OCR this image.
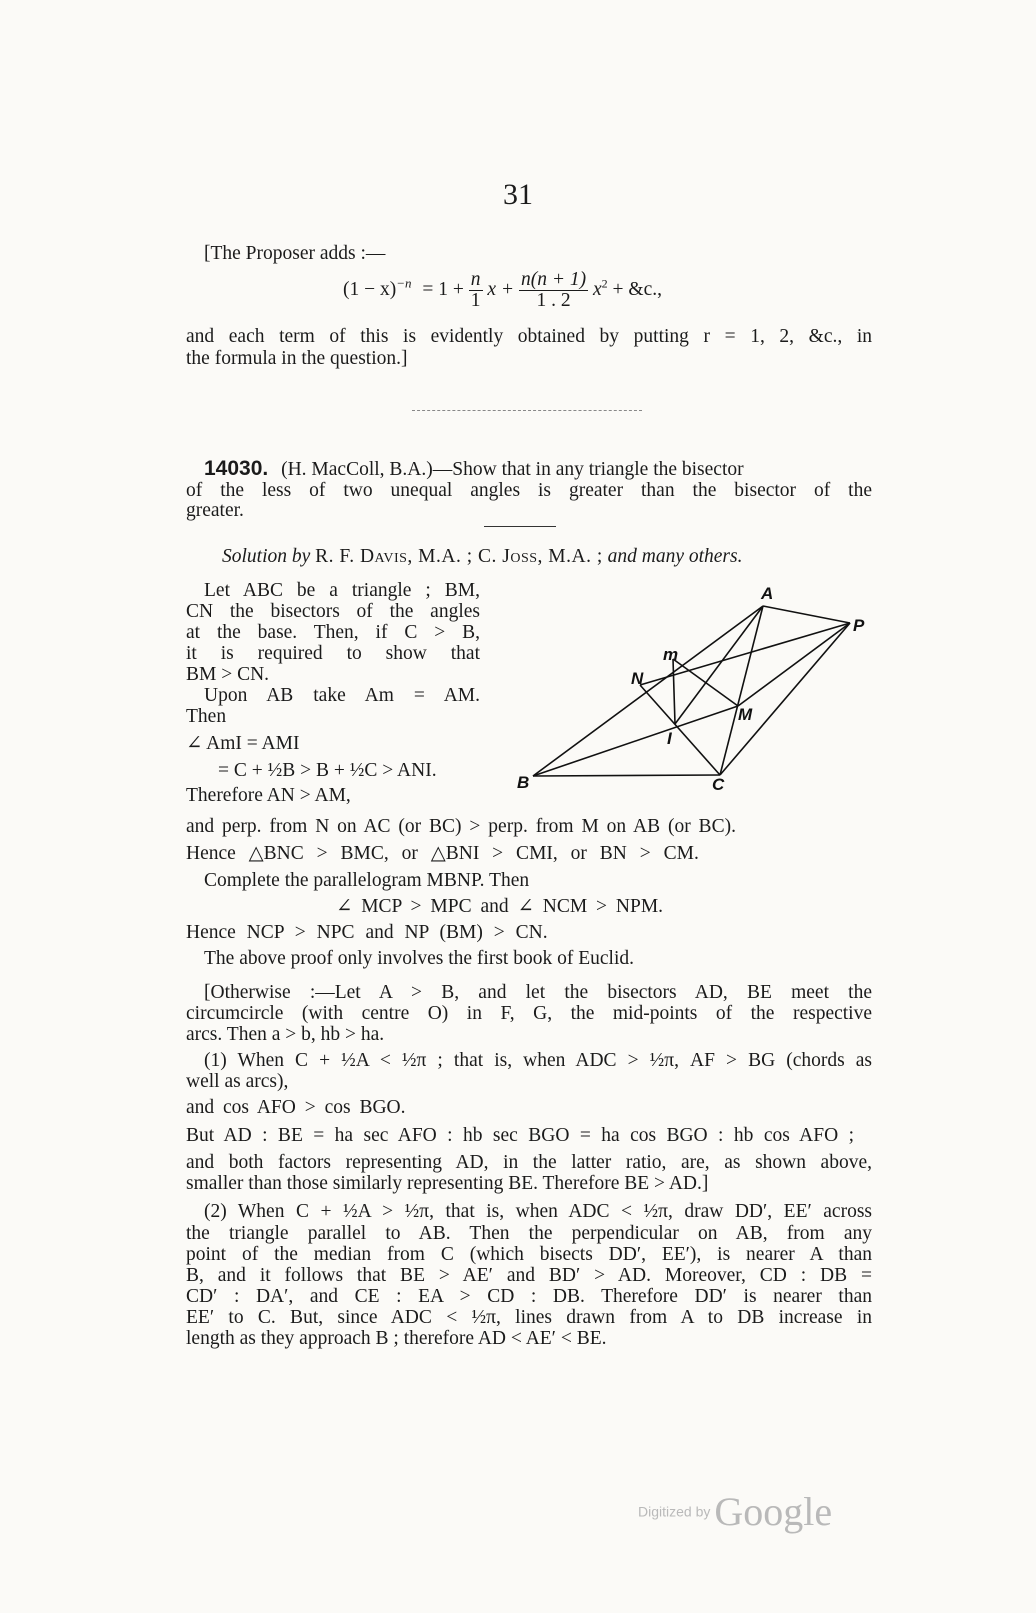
31
[The Proposer adds :—
$(1 - x)^{-n} = 1 + \frac{n}{1}$ $x + \frac{n(n + 1)}{1 . 2} x^2$ + &c.,
and each term of this is evidently obtained by putting r = 1, 2, &c., in
the formula in the question.]
14030. (H. MacColl, B.A.)—Show that in any triangle the bisector
of the less of two unequal angles is greater than the bisector of the
greater.
Solution by R. F. Davis, M.A. ; C. Joss, M.A. ; and many others.
Let ABC be a triangle ; BM,
CN the bisectors of the angles
at the base. Then, if C > B,
it is required to show that
BM > CN.
Upon AB take Am = AM.
Then
∠ AmI = AMI
= C + ½B > B + ½C > ANI.
Therefore AN > AM,
A
P
m
N
M
I
B	C
and perp. from N on AC (or BC) > perp. from M on AB (or BC).
Hence △BNC > BMC, or △BNI > CMI, or BN > CM.
Complete the parallelogram MBNP. Then
∠ MCP > MPC and ∠ NCM > NPM.
Hence NCP > NPC and NP (BM) > CN.
The above proof only involves the first book of Euclid.
[Otherwise :—Let A > B, and let the bisectors AD, BE meet the
circumcircle (with centre O) in F, G, the mid-points of the respective
arcs. Then a > b, hb > ha.
(1) When C + ½A < ½π ; that is, when ADC > ½π, AF > BG (chords as
well as arcs),
and cos AFO > cos BGO.
But AD : BE = ha sec AFO : hb sec BGO = ha cos BGO : hb cos AFO ;
and both factors representing AD, in the latter ratio, are, as shown above,
smaller than those similarly representing BE. Therefore BE > AD.]
(2) When C + ½A > ½π, that is, when ADC < ½π, draw DD′, EE′ across
the triangle parallel to AB. Then the perpendicular on AB, from any
point of the median from C (which bisects DD′, EE′), is nearer A than
B, and it follows that BE > AE′ and BD′ > AD. Moreover, CD : DB =
CD′ : DA′, and CE : EA > CD : DB. Therefore DD′ is nearer than
EE′ to C. But, since ADC < ½π, lines drawn from A to DB increase in
length as they approach B ; therefore AD < AE′ < BE.
Digitized by Google
